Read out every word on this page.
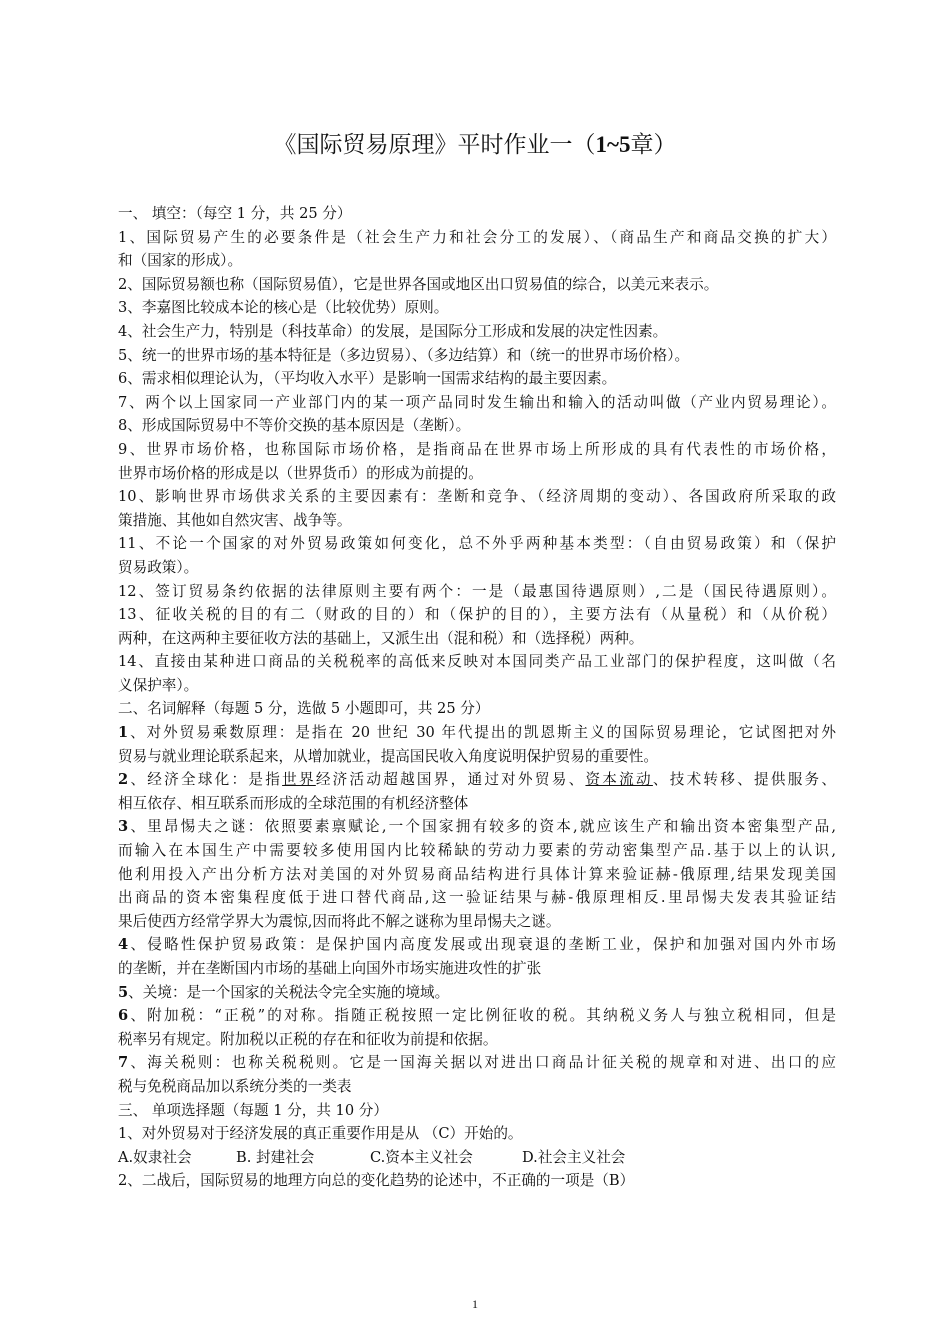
《国际贸易原理》平时作业一（1~5章）
一、 填空：（每空 1 分，共 25 分）
1、国际贸易产生的必要条件是（社会生产力和社会分工的发展）、（商品生产和商品交换的扩大）
和（国家的形成）。
2、国际贸易额也称（国际贸易值），它是世界各国或地区出口贸易值的综合，以美元来表示。
3、李嘉图比较成本论的核心是（比较优势）原则。
4、社会生产力，特别是（科技革命）的发展，是国际分工形成和发展的决定性因素。
5、统一的世界市场的基本特征是（多边贸易）、（多边结算）和（统一的世界市场价格）。
6、需求相似理论认为，（平均收入水平）是影响一国需求结构的最主要因素。
7、两个以上国家同一产业部门内的某一项产品同时发生输出和输入的活动叫做（产业内贸易理论）。
8、形成国际贸易中不等价交换的基本原因是（垄断）。
9、世界市场价格，也称国际市场价格，是指商品在世界市场上所形成的具有代表性的市场价格，
世界市场价格的形成是以（世界货币）的形成为前提的。
10、影响世界市场供求关系的主要因素有：垄断和竞争、（经济周期的变动）、各国政府所采取的政
策措施、其他如自然灾害、战争等。
11、不论一个国家的对外贸易政策如何变化，总不外乎两种基本类型：（自由贸易政策）和（保护
贸易政策）。
12、签订贸易条约依据的法律原则主要有两个：一是（最惠国待遇原则）,二是（国民待遇原则）。
13、征收关税的目的有二（财政的目的）和（保护的目的），主要方法有（从量税）和（从价税）
两种，在这两种主要征收方法的基础上，又派生出（混和税）和（选择税）两种。
14、直接由某种进口商品的关税税率的高低来反映对本国同类产品工业部门的保护程度，这叫做（名
义保护率）。
二、名词解释（每题 5 分，选做 5 小题即可，共 25 分）
1、对外贸易乘数原理：是指在 20 世纪 30 年代提出的凯恩斯主义的国际贸易理论，它试图把对外
贸易与就业理论联系起来，从增加就业，提高国民收入角度说明保护贸易的重要性。
2、经济全球化：是指世界经济活动超越国界，通过对外贸易、资本流动、技术转移、提供服务、
相互依存、相互联系而形成的全球范围的有机经济整体
3、里昂惕夫之谜：依照要素禀赋论,一个国家拥有较多的资本,就应该生产和输出资本密集型产品,
而输入在本国生产中需要较多使用国内比较稀缺的劳动力要素的劳动密集型产品.基于以上的认识,
他利用投入产出分析方法对美国的对外贸易商品结构进行具体计算来验证赫-俄原理,结果发现美国
出商品的资本密集程度低于进口替代商品,这一验证结果与赫-俄原理相反.里昂惕夫发表其验证结
果后使西方经常学界大为震惊,因而将此不解之谜称为里昂惕夫之谜。
4、侵略性保护贸易政策：是保护国内高度发展或出现衰退的垄断工业，保护和加强对国内外市场
的垄断，并在垄断国内市场的基础上向国外市场实施进攻性的扩张
5、关境：是一个国家的关税法令完全实施的境域。
6、附加税：“正税”的对称。指随正税按照一定比例征收的税。其纳税义务人与独立税相同，但是
税率另有规定。附加税以正税的存在和征收为前提和依据。
7、海关税则：也称关税税则。它是一国海关据以对进出口商品计征关税的规章和对进、出口的应
税与免税商品加以系统分类的一类表
三、 单项选择题（每题 1 分，共 10 分）
1、对外贸易对于经济发展的真正重要作用是从 （C）开始的。
A.奴隶社会	B. 封建社会	C.资本主义社会	D.社会主义社会
2、二战后，国际贸易的地理方向总的变化趋势的论述中，不正确的一项是（B）
1
